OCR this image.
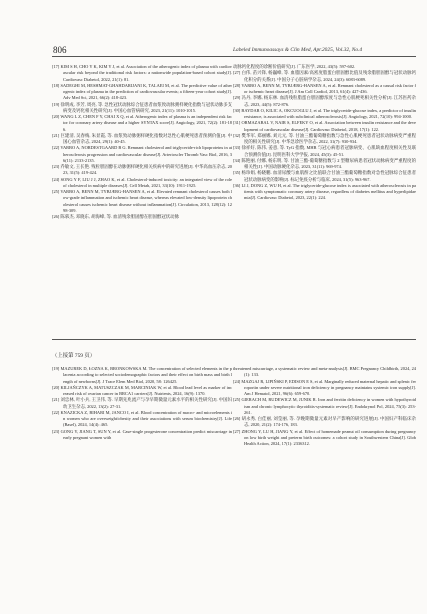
806	Labeled Immunoassays & Clin Med, Apr.2025, Vol.32, No.4

[17] KIM S H, CHO Y K, KIM Y J, et al. Association of the atherogenic index of plasma with cardiovascular risk beyond the traditional risk factors: a nationwide population-based cohort study[J]. Cardiovasc Diabetol, 2022, 21(1): 81.

[18] SADEGHI M, HESHMAT-GHAHDARIJANI K, TALAEI M, et al. The predictive value of atherogenic index of plasma in the prediction of cardiovascular events; a fifteen-year cohort study[J]. Adv Med Sci, 2021, 66(2): 418-423.

[19] 徐明成, 李芳, 周亮, 等. 急性冠状动脉综合征患者血浆致动脉粥样硬化指数与冠状动脉多支病变及钙化相关性研究[J]. 中国心血管病研究, 2023, 21(11): 1010-1015.

[20] WANG L Z, CHEN F Y, CHAI X Q, et al. Atherogenic index of plasma is an independent risk factor for coronary artery disease and a higher SYNTAX score[J]. Angiology, 2021, 72(2): 181-186.

[21] 巨建清, 吴春梅, 朱显霞, 等. 血浆致动脉粥样硬化指数对急性心肌梗死患者预测价值[J]. 中国心血管杂志, 2024, 29(1): 40-45.

[22] VARBO A, NORDESTGAARD B G. Remnant cholesterol and triglyceride-rich lipoproteins in atherosclerosis progression and cardiovascular disease[J]. Arterioscler Thromb Vasc Biol, 2016, 36(11): 2133-2135.

[23] 乔敏文, 王长艳. 残粒胆固醇在动脉粥样硬化相关疾病中的研究进展[J]. 中华高血压杂志, 2023, 31(5): 419-424.

[24] SONG Y F, LIU J J, ZHAO K, et al. Cholesterol-induced toxicity: an integrated view of the role of cholesterol in multiple diseases[J]. Cell Metab, 2021, 33(10): 1911-1925.

[25] VARBO A, BENN M, TYBJÆRG-HANSEN A, et al. Elevated remnant cholesterol causes both low-grade inflammation and ischemic heart disease, whereas elevated low-density lipoprotein cholesterol causes ischemic heart disease without inflammation[J]. Circulation, 2013, 128(12): 1298-309.

[26] 陈慕杰, 邓晓东, 胡海峰, 等. 血清残余胆固醇在胆固醇冠状动脉

动脉钙化程度的诊断价值研究[J]. 广东医学, 2022, 43(5): 597-602.

[27] 白伟, 苗兴锋, 杨巍峰, 等. 血脂因素/高密度脂蛋白胆固醇比值及残余脂胆固醇与冠状动脉钙化积分的关系[J]. 中国分子心脏病学杂志, 2024, 24(3): 6083-6089.

[28] VARBO A, BENN M, TYBJÆRG-HANSEN A, et al. Remnant cholesterol as a causal risk factor for ischemic heart disease[J]. J Am Coll Cardiol, 2013, 61(4): 427-436.

[29] 冯丹, 李娜, 杨东林. 血清残粒脂蛋白胆固醇浓度与急性心肌梗死相关性分析[J]. 江苏医药杂志, 2023, 44(5): 872-876.

[30] BAYDAR O, KILIC A, OKCUOGLU J, et al. The triglyceride-glucose index, a predictor of insulin resistance, is associated with subclinical atherosclerosis[J]. Angiology, 2021, 72(10): 994-1000.

[31] ORMAZABAL V, NAIR S, ELFEKY O, et al. Association between insulin resistance and the development of cardiovascular disease[J]. Cardiovasc Diabetol, 2018, 17(1): 122.

[32] 樊华军, 郑丽娜, 刘元元, 等. 甘油三酯葡萄糖指数与急性心肌梗死患者冠状动脉病变严重程度的相关性研究[J]. 中华急诊医学杂志, 2022, 31(7): 930-934.

[33] 徐祥好, 陈伟, 姜意, 等. TyG 指数, MHR 与冠心病患者冠脉病变、心肌缺血程度相关性及联合预测价值[J]. 昆明医科大学学报, 2024, 45(3): 45-51.

[34] 陈艳丽, 付娜, 杨东明, 等. 甘油三酯-葡萄糖指数与 2 型糖尿病患者冠状动脉病变严重程度的相关性[J]. 中国动脉硬化杂志, 2023, 31(11): 969-974.

[35] 杨珍娟, 杨晓鹏. 血清尿酸与血肌酐之比值联合甘油三酯葡萄糖指数对急性冠脉综合征患者冠状动脉病变的影响[J]. 标记免疫分析与临床, 2024, 31(5): 963-967.

[36] LI J, DONG Z, WU H, et al. The triglyceride-glucose index is associated with atherosclerosis in patients with symptomatic coronary artery disease, regardless of diabetes mellitus and hyperlipidaemia[J]. Cardiovasc Diabetol, 2023, 22(1): 224.

（上接第 759 页）

[19] MAZUREK D, ŁOZNA K, BRONKOWSKA M. The concentration of selected elements in the placenta according to selected sociodemographic factors and their effect on birth mass and birth length of newborns[J]. J Trace Elem Med Biol, 2020, 58: 126425.

[20] KILJAŃCZYK A, MATUSZCZAK M, MARCINIAK W, et al. Blood lead level as marker of increased risk of ovarian cancer in BRCA1 carriers[J]. Nutrients, 2024, 16(9): 1370.

[21] 刘忠林, 叶小兵, 王卫伟, 等. 早期先兆流产与孕早期微量元素水平的相关性研究[J]. 中国妇幼卫生杂志, 2022, 13(2): 27-31.

[22] KNAZICKA Z, BIHARI M, JANCO I, et al. Blood concentration of macro- and microelements in women who are overweight/obesity and their associations with serum biochemistry[J]. Life (Basel), 2024, 14(4): 465.

[23] GONG Y, JIANG T, SUN Y, et al. Case-single progesterone concentration predict miscarriage in early pregnant women with

threatened miscarriage, a systematic review and meta-analysis[J]. BMC Pregnancy Childbirth, 2024, 24(1): 133.

[24] MAZGAJ R, LIPIŃSKI P, EDISON E S, et al. Marginally reduced maternal hepatic and splenic ferroportin under severe nutritional iron deficiency in pregnancy maintains systemic iron supply[J]. Am J Hematol, 2021, 96(6): 659-670.

[25] GIERACH M, RUDEWICZ M, JUNIK R. Iron and ferritin deficiency in women with hypothyroidism and chronic lymphocytic thyroiditis-systematic review[J]. Endokrynol Pol, 2024, 75(3): 253-261.

[26] 胡永秀, 白佳丽, 刘莹丽, 等. 孕晚期微量元素对早产影响的研究进展[J]. 中国妇产科临床杂志, 2020, 21(2): 174-176, 183.

[27] ZHONG Y, LU H, JIANG Y, et al. Effect of homemade peanut oil consumption during pregnancy on low birth weight and preterm birth outcomes: a cohort study in Southwestern China[J]. Glob Health Action, 2024, 17(1): 2336312.
